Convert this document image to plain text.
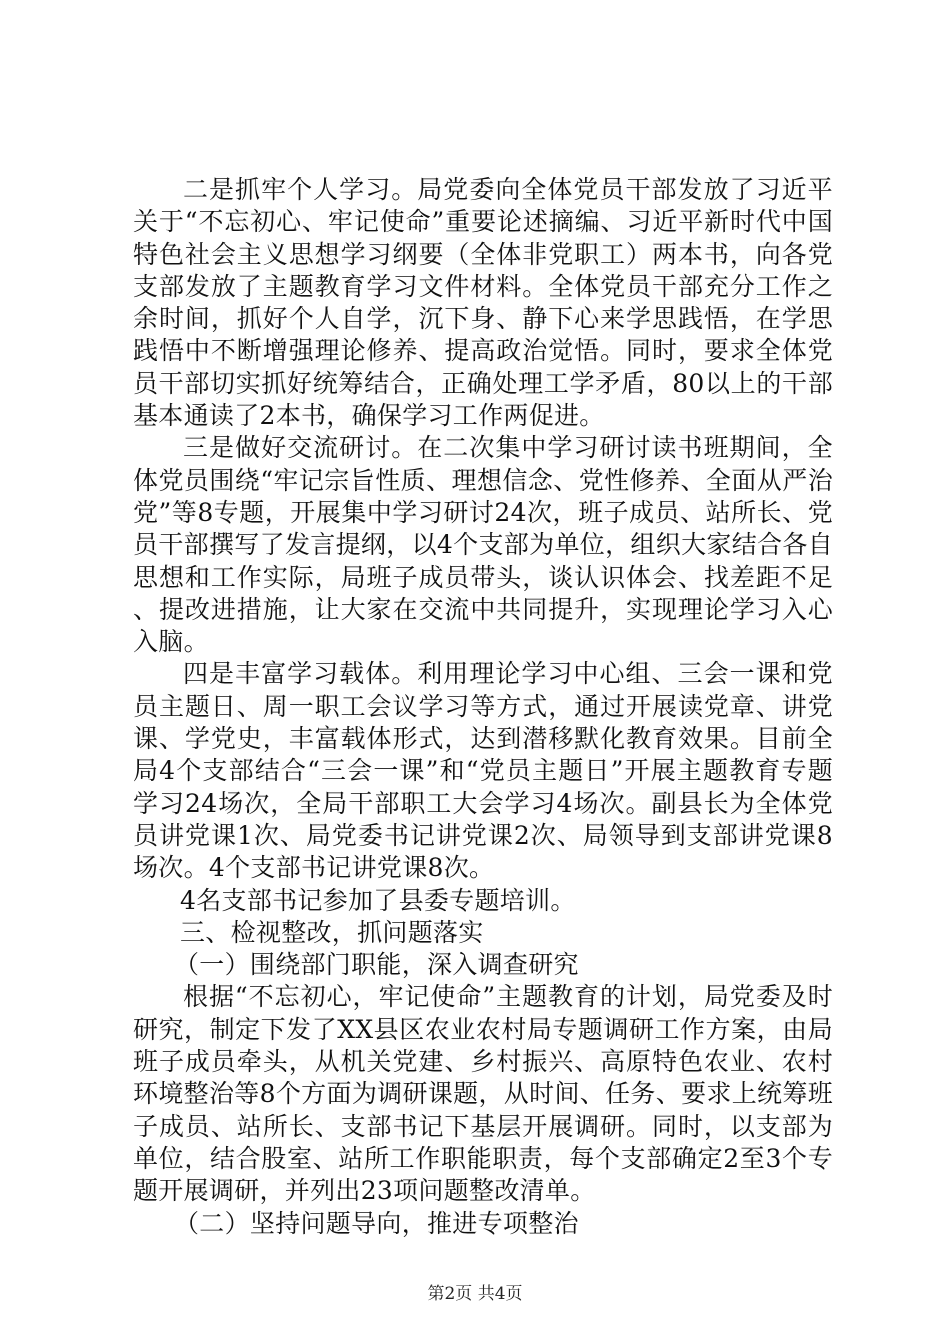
二是抓牢个人学习。局党委向全体党员干部发放了习近平关于“不忘初心、牢记使命”重要论述摘编、习近平新时代中国特色社会主义思想学习纲要（全体非党职工）两本书，向各党支部发放了主题教育学习文件材料。全体党员干部充分工作之余时间，抓好个人自学，沉下身、静下心来学思践悟，在学思践悟中不断增强理论修养、提高政治觉悟。同时，要求全体党员干部切实抓好统筹结合，正确处理工学矛盾，80以上的干部基本通读了2本书，确保学习工作两促进。

三是做好交流研讨。在二次集中学习研讨读书班期间，全体党员围绕“牢记宗旨性质、理想信念、党性修养、全面从严治党”等8专题，开展集中学习研讨24次，班子成员、站所长、党员干部撰写了发言提纲，以4个支部为单位，组织大家结合各自思想和工作实际，局班子成员带头，谈认识体会、找差距不足、提改进措施，让大家在交流中共同提升，实现理论学习入心入脑。

四是丰富学习载体。利用理论学习中心组、三会一课和党员主题日、周一职工会议学习等方式，通过开展读党章、讲党课、学党史，丰富载体形式，达到潜移默化教育效果。目前全局4个支部结合“三会一课”和“党员主题日”开展主题教育专题学习24场次，全局干部职工大会学习4场次。副县长为全体党员讲党课1次、局党委书记讲党课2次、局领导到支部讲党课8场次。4个支部书记讲党课8次。

4名支部书记参加了县委专题培训。

三、检视整改，抓问题落实

（一）围绕部门职能，深入调查研究

根据“不忘初心，牢记使命”主题教育的计划，局党委及时研究，制定下发了XX县区农业农村局专题调研工作方案，由局班子成员牵头，从机关党建、乡村振兴、高原特色农业、农村环境整治等8个方面为调研课题，从时间、任务、要求上统筹班子成员、站所长、支部书记下基层开展调研。同时，以支部为单位，结合股室、站所工作职能职责，每个支部确定2至3个专题开展调研，并列出23项问题整改清单。

（二）坚持问题导向，推进专项整治

第2页 共4页
